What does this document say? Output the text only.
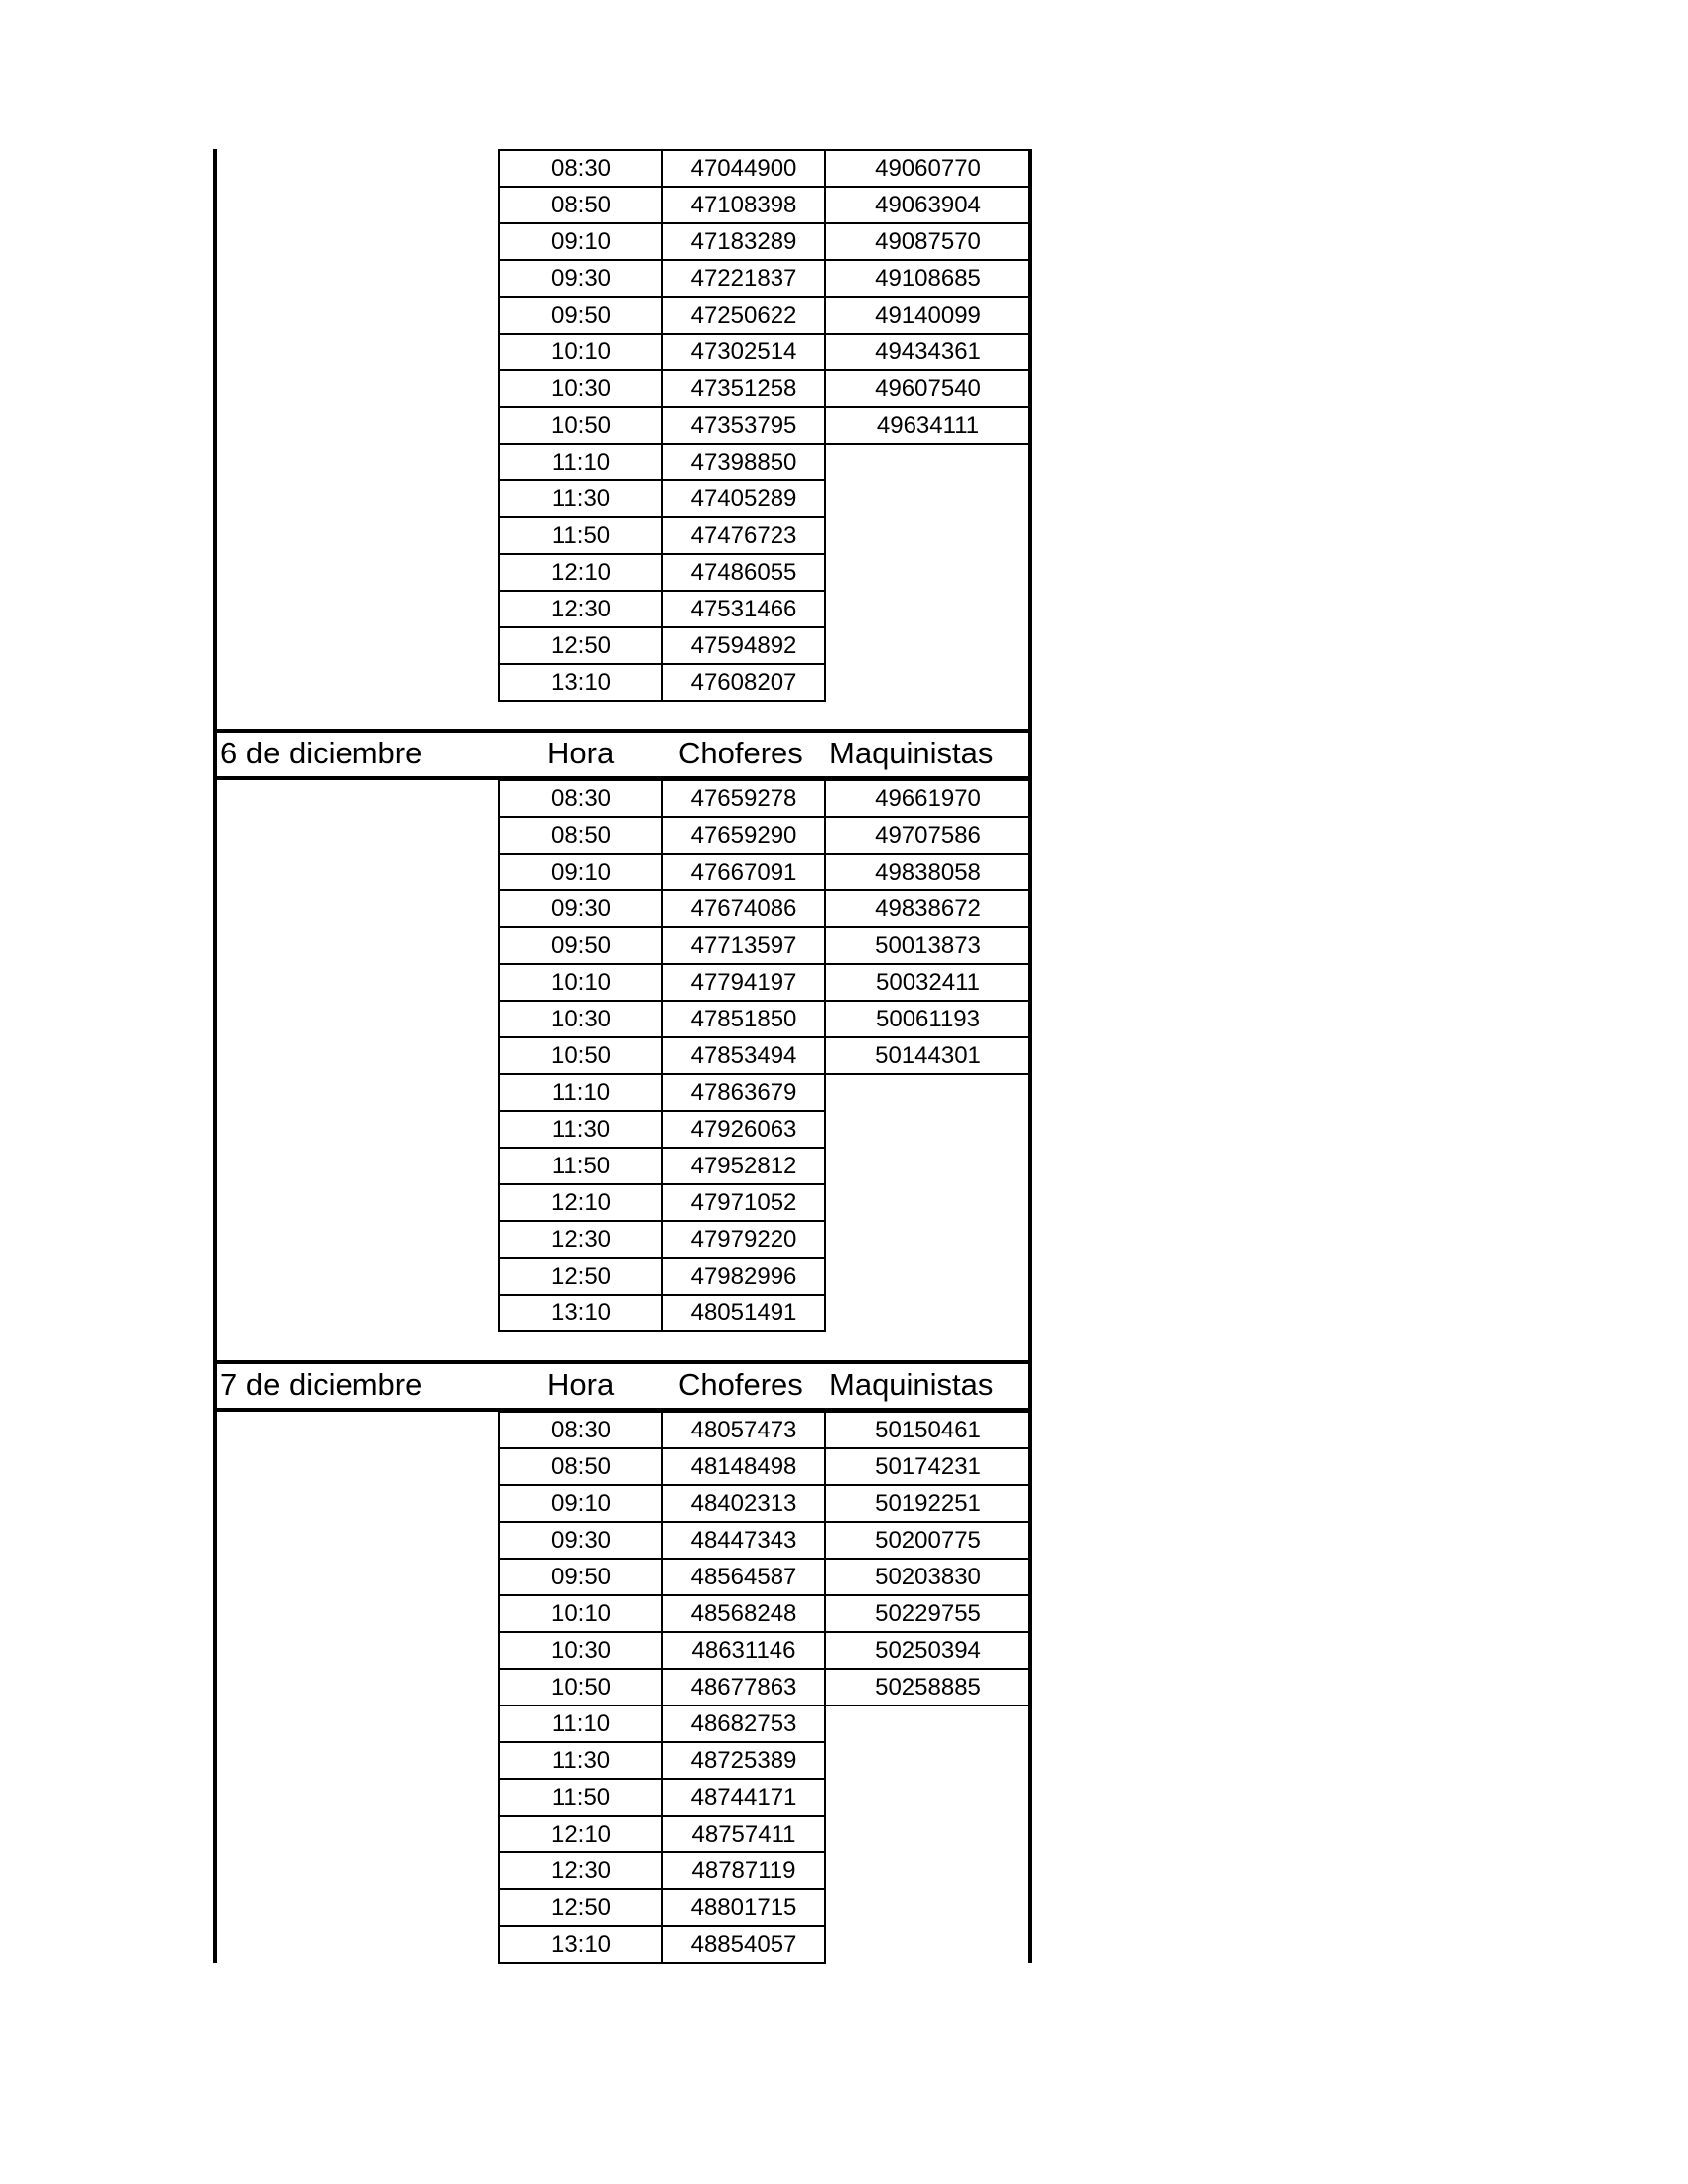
08:30	47044900	49060770
08:50	47108398	49063904
09:10	47183289	49087570
09:30	47221837	49108685
09:50	47250622	49140099
10:10	47302514	49434361
10:30	47351258	49607540
10:50	47353795	49634111
11:10	47398850	
11:30	47405289	
11:50	47476723	
12:10	47486055	
12:30	47531466	
12:50	47594892	
13:10	47608207	
6 de diciembre	Hora Choferes Maquinistas
08:30	47659278	49661970
08:50	47659290	49707586
09:10	47667091	49838058
09:30	47674086	49838672
09:50	47713597	50013873
10:10	47794197	50032411
10:30	47851850	50061193
10:50	47853494	50144301
11:10	47863679	
11:30	47926063	
11:50	47952812	
12:10	47971052	
12:30	47979220	
12:50	47982996	
13:10	48051491	
7 de diciembre	Hora Choferes Maquinistas
08:30	48057473	50150461
08:50	48148498	50174231
09:10	48402313	50192251
09:30	48447343	50200775
09:50	48564587	50203830
10:10	48568248	50229755
10:30	48631146	50250394
10:50	48677863	50258885
11:10	48682753	
11:30	48725389	
11:50	48744171	
12:10	48757411	
12:30	48787119	
12:50	48801715	
13:10	48854057	
